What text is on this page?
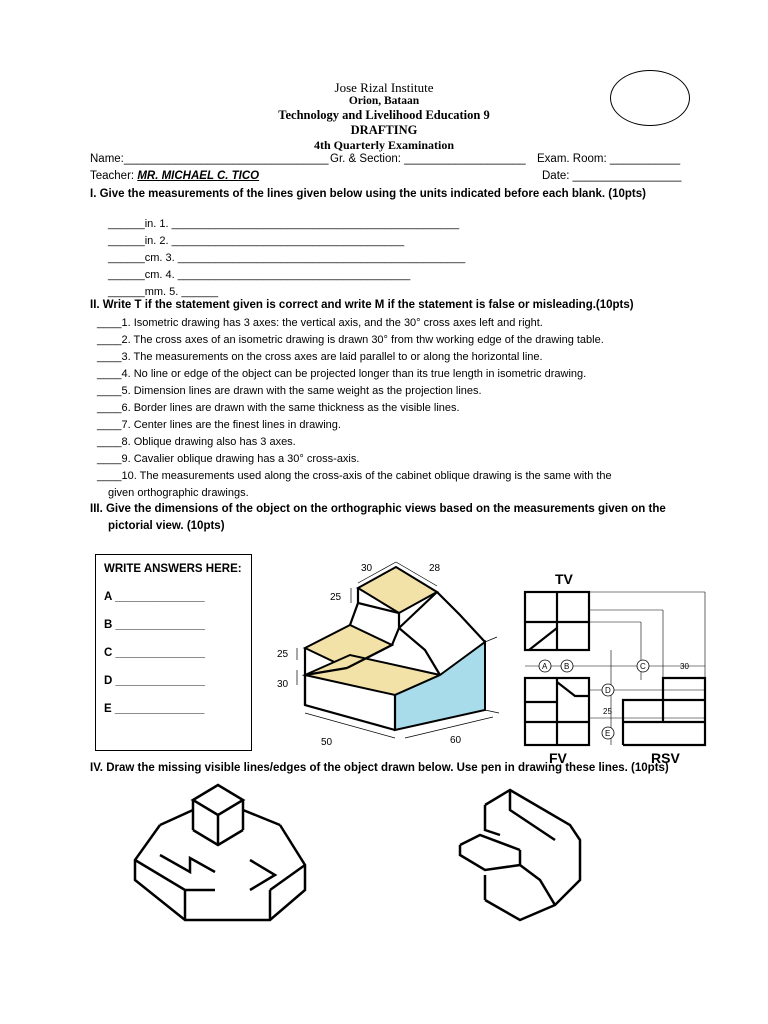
Jose Rizal Institute
Orion, Bataan
Technology and Livelihood Education 9
DRAFTING
4th Quarterly Examination
Name:________________________________ Gr. & Section: ___________________ Exam. Room: ___________
Teacher: MR. MICHAEL C. TICO	Date: _________________
I. Give the measurements of the lines given below using the units indicated before each blank. (10pts)
______in. 1. _______________________________________________
______in. 2. ______________________________________
______cm. 3. _______________________________________________
______cm. 4. ______________________________________
______mm. 5. ______
II. Write T if the statement given is correct and write M if the statement is false or misleading.(10pts)
____1. Isometric drawing has 3 axes: the vertical axis, and the 30° cross axes left and right.
____2. The cross axes of an isometric drawing is drawn 30° from thw working edge of the drawing table.
____3. The measurements on the cross axes are laid parallel to or along the horizontal line.
____4. No line or edge of the object can be projected longer than its true length in isometric drawing.
____5. Dimension lines are drawn with the same weight as the projection lines.
____6. Border lines are drawn with the same thickness as the visible lines.
____7. Center lines are the finest lines in drawing.
____8. Oblique drawing also has 3 axes.
____9. Cavalier oblique drawing has a 30° cross-axis.
____10. The measurements used along the cross-axis of the cabinet oblique drawing is the same with the
given orthographic drawings.
III. Give the dimensions of the object on the orthographic views based on the measurements given on the
pictorial view. (10pts)
WRITE ANSWERS HERE:
A ______________
B ______________
C ______________
D ______________
E ______________
30	28
25
25
30
50	60
TV
A B	C	30
D
25
E
FV	RSV
IV. Draw the missing visible lines/edges of the object drawn below. Use pen in drawing these lines. (10pts)
